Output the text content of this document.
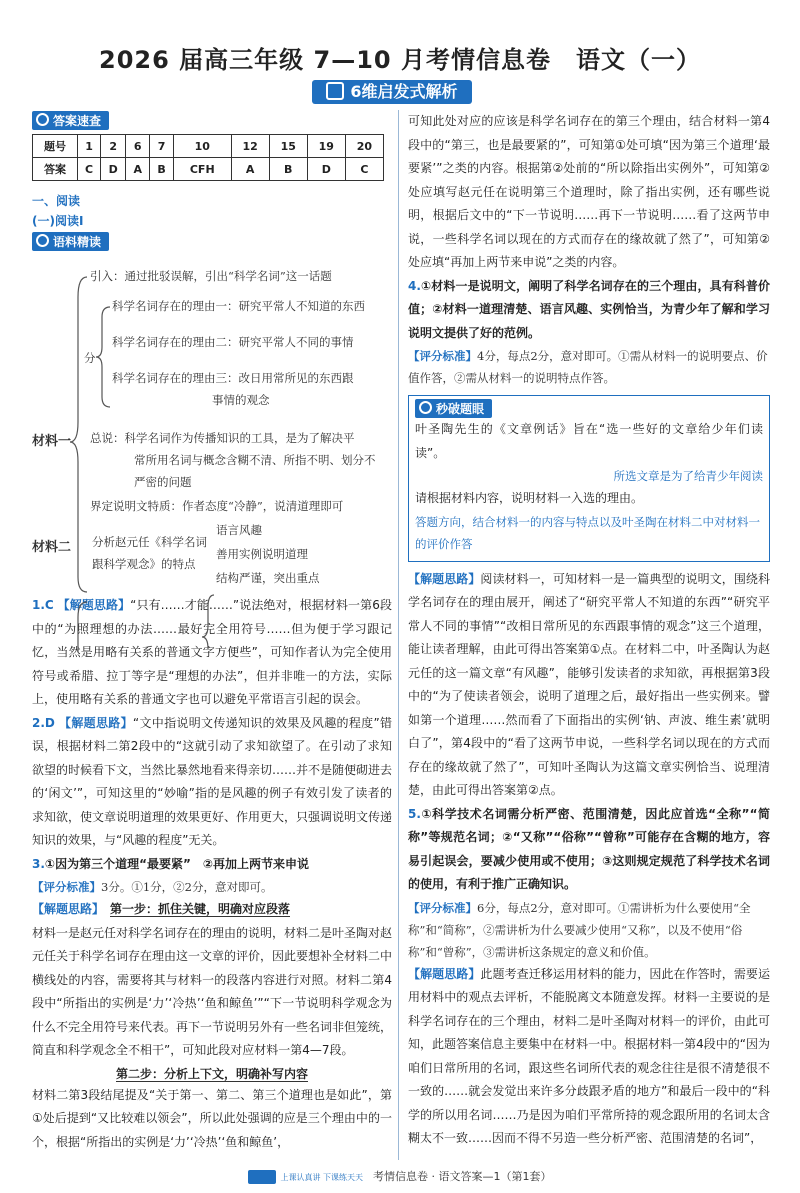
2026 届高三年级 7—10 月考情信息卷　语文（一）
6维启发式解析
答案速查
题号	1	2	6	7	10	12	15	19	20
答案	C	D	A	B	CFH	A	B	D	C

一、阅读

(一)阅读Ⅰ

语料精读
材料一
分
引入：通过批驳误解，引出“科学名词”这一话题
科学名词存在的理由一：研究平常人不知道的东西
科学名词存在的理由二：研究平常人不同的事情
科学名词存在的理由三：改日用常所见的东西跟
事情的观念
总说：科学名词作为传播知识的工具，是为了解决平
常所用名词与概念含糊不清、所指不明、划分不
严密的问题
界定说明文特质：作者态度“冷静”，说清道理即可
材料二 分析赵元任《科学名词
跟科学观念》的特点
语言风趣
善用实例说明道理
结构严谨，突出重点

1.C 【解题思路】“只有……才能……”说法绝对，根据材料一第6段中的“为照理想的办法……最好完全用符号……但为便于学习跟记忆，当然是用略有关系的普通文字方便些”，可知作者认为完全使用符号或希腊、拉丁等字是“理想的办法”，但并非唯一的方法，实际上，使用略有关系的普通文字也可以避免平常语言引起的误会。

2.D 【解题思路】“文中指说明文传递知识的效果及风趣的程度”错误，根据材料二第2段中的“这就引动了求知欲望了。在引动了求知欲望的时候看下文，当然比暴然地看来得亲切……并不是随便砌进去的‘闲文’”，可知这里的“妙喻”指的是风趣的例子有效引发了读者的求知欲，使文章说明道理的效果更好、作用更大，只强调说明文传递知识的效果，与“风趣的程度”无关。

3.①因为第三个道理“最要紧”　②再加上两节来申说

【评分标准】3分。①1分，②2分，意对即可。

【解题思路】　 第一步：抓住关键，明确对应段落

材料一是赵元任对科学名词存在的理由的说明，材料二是叶圣陶对赵元任关于科学名词存在理由这一文章的评价，因此要想补全材料二中横线处的内容，需要将其与材料一的段落内容进行对照。材料二第4段中“所指出的实例是‘力’‘冷热’‘鱼和鲸鱼’”“下一节说明科学观念为什么不完全用符号来代表。再下一节说明另外有一些名词非但笼统，简直和科学观念全不相干”，可知此段对应材料一第4—7段。

第二步：分析上下文，明确补写内容

材料二第3段结尾提及“关于第一、第二、第三个道理也是如此”，第①处后提到“又比较难以领会”，所以此处强调的应是三个理由中的一个，根据“所指出的实例是‘力’‘冷热’‘鱼和鲸鱼’，

可知此处对应的应该是科学名词存在的第三个理由，结合材料一第4段中的“第三，也是最要紧的”，可知第①处可填“因为第三个道理‘最要紧’”之类的内容。根据第②处前的“所以除指出实例外”，可知第②处应填写赵元任在说明第三个道理时，除了指出实例，还有哪些说明，根据后文中的“下一节说明……再下一节说明……看了这两节申说，一些科学名词以现在的方式而存在的缘故就了然了”，可知第②处应填“再加上两节来申说”之类的内容。

4.①材料一是说明文，阐明了科学名词存在的三个理由，具有科普价值；②材料一道理清楚、语言风趣、实例恰当，为青少年了解和学习说明文提供了好的范例。

【评分标准】4分，每点2分，意对即可。①需从材料一的说明要点、价值作答，②需从材料一的说明特点作答。

秒破题眼

叶圣陶先生的《文章例话》旨在“选一些好的文章给少年们读读”。

所选文章是为了给青少年阅读

请根据材料内容，说明材料一入选的理由。

答题方向，结合材料一的内容与特点以及叶圣陶在材料二中对材料一的评价作答

【解题思路】阅读材料一，可知材料一是一篇典型的说明文，围绕科学名词存在的理由展开，阐述了“研究平常人不知道的东西”“研究平常人不同的事情”“改相日常所见的东西跟事情的观念”这三个道理，能让读者理解，由此可得出答案第①点。在材料二中，叶圣陶认为赵元任的这一篇文章“有风趣”，能够引发读者的求知欲，再根据第3段中的“为了使读者领会，说明了道理之后，最好指出一些实例来。譬如第一个道理……然而看了下面指出的实例‘钠、声波、维生素’就明白了”，第4段中的“看了这两节申说，一些科学名词以现在的方式而存在的缘故就了然了”，可知叶圣陶认为这篇文章实例恰当、说理清楚，由此可得出答案第②点。

5.①科学技术名词需分析严密、范围清楚，因此应首选“全称”“简称”等规范名词；②“又称”“俗称”“曾称”可能存在含糊的地方，容易引起误会，要减少使用或不使用；③这则规定规范了科学技术名词的使用，有利于推广正确知识。

【评分标准】6分，每点2分，意对即可。①需讲析为什么要使用“全称”和“简称”，②需讲析为什么要减少使用“又称”，以及不使用“俗称”和“曾称”，③需讲析这条规定的意义和价值。

【解题思路】此题考查迁移运用材料的能力，因此在作答时，需要运用材料中的观点去评析，不能脱离文本随意发挥。材料一主要说的是科学名词存在的三个理由，材料二是叶圣陶对材料一的评价，由此可知，此题答案信息主要集中在材料一中。根据材料一第4段中的“因为咱们日常所用的名词，跟这些名词所代表的观念往往是很不清楚很不一致的……就会发觉出来许多分歧跟矛盾的地方”和最后一段中的“科学的所以用名词……乃是因为咱们平常所持的观念跟所用的名词太含糊太不一致……因而不得不另造一些分析严密、范围清楚的名词”，

上课认真讲 下课练天天 考情信息卷 · 语文答案—1（第1套）
